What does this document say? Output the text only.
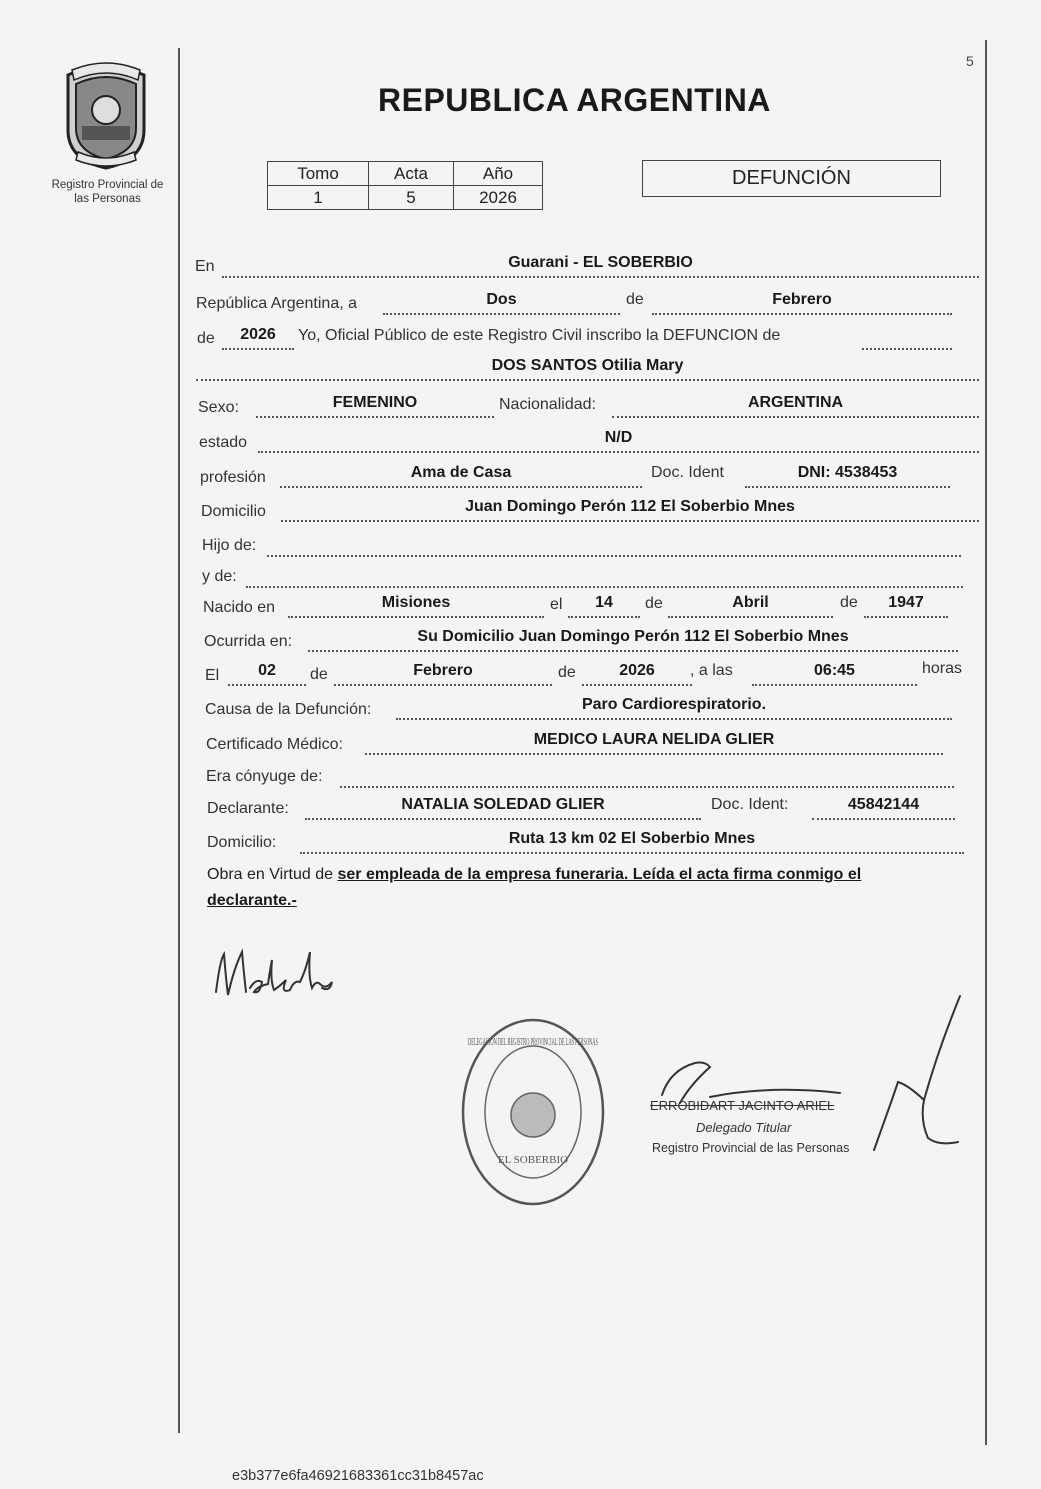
Registro Provincial de
las Personas
5
REPUBLICA ARGENTINA
Tomo	Acta	Año
1	5	2026
DEFUNCIÓN
En	Guarani - EL SOBERBIO
República Argentina, a	Dos	de	Febrero
de	2026	Yo, Oficial Público de este Registro Civil inscribo la DEFUNCION de
DOS SANTOS Otilia Mary
Sexo:	FEMENINO	Nacionalidad:	ARGENTINA
estado	N/D
profesión	Ama de Casa	Doc. Ident	DNI: 4538453
Domicilio	Juan Domingo Perón 112 El Soberbio Mnes
Hijo de:
y de:
Nacido en	Misiones	el	14	de	Abril	de	1947
Ocurrida en:	Su Domicilio Juan Domingo Perón 112 El Soberbio Mnes
El	02	de	Febrero	de	2026	, a las	06:45	horas
Causa de la Defunción:	Paro Cardiorespiratorio.
Certificado Médico:	MEDICO LAURA NELIDA GLIER
Era cónyuge de:
Declarante:	NATALIA SOLEDAD GLIER	Doc. Ident:	45842144
Domicilio:	Ruta 13 km 02 El Soberbio Mnes
Obra en Virtud de ser empleada de la empresa funeraria. Leída el acta firma conmigo el
declarante.-
DELEGACION DEL REGISTRO PROVINCIAL DE LAS PERSONAS
EL SOBERBIO
ERROBIDART JACINTO ARIEL
Delegado Titular
Registro Provincial de las Personas
e3b377e6fa46921683361cc31b8457ac
